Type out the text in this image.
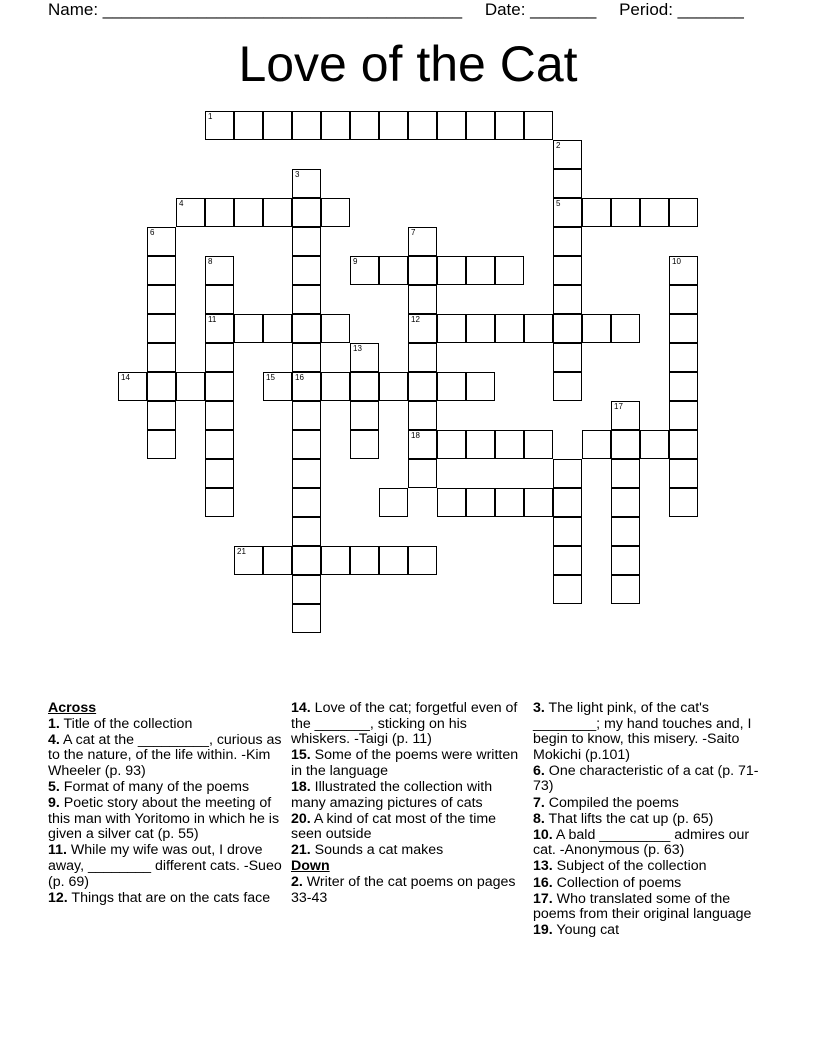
Name: ______________________________________ Date: _______ Period: _______
Love of the Cat
1
2
5
3
16
4
6	7
12
18
8
11
9	10
13
14	15
17
21
Across
1. Title of the collection
4. A cat at the _________, curious as to the nature, of the life within. -Kim Wheeler (p. 93)
5. Format of many of the poems
9. Poetic story about the meeting of this man with Yoritomo in which he is given a silver cat (p. 55)
11. While my wife was out, I drove away, ________ different cats. -Sueo (p. 69)
12. Things that are on the cats face
14. Love of the cat; forgetful even of the _______, sticking on his whiskers. -Taigi (p. 11)
15. Some of the poems were written in the language
18. Illustrated the collection with many amazing pictures of cats
20. A kind of cat most of the time seen outside
21. Sounds a cat makes
Down
2. Writer of the cat poems on pages 33-43
3. The light pink, of the cat's ________; my hand touches and, I begin to know, this misery. -Saito Mokichi (p.101)
6. One characteristic of a cat (p. 71-73)
7. Compiled the poems
8. That lifts the cat up (p. 65)
10. A bald _________ admires our cat. -Anonymous (p. 63)
13. Subject of the collection
16. Collection of poems
17. Who translated some of the poems from their original language
19. Young cat
